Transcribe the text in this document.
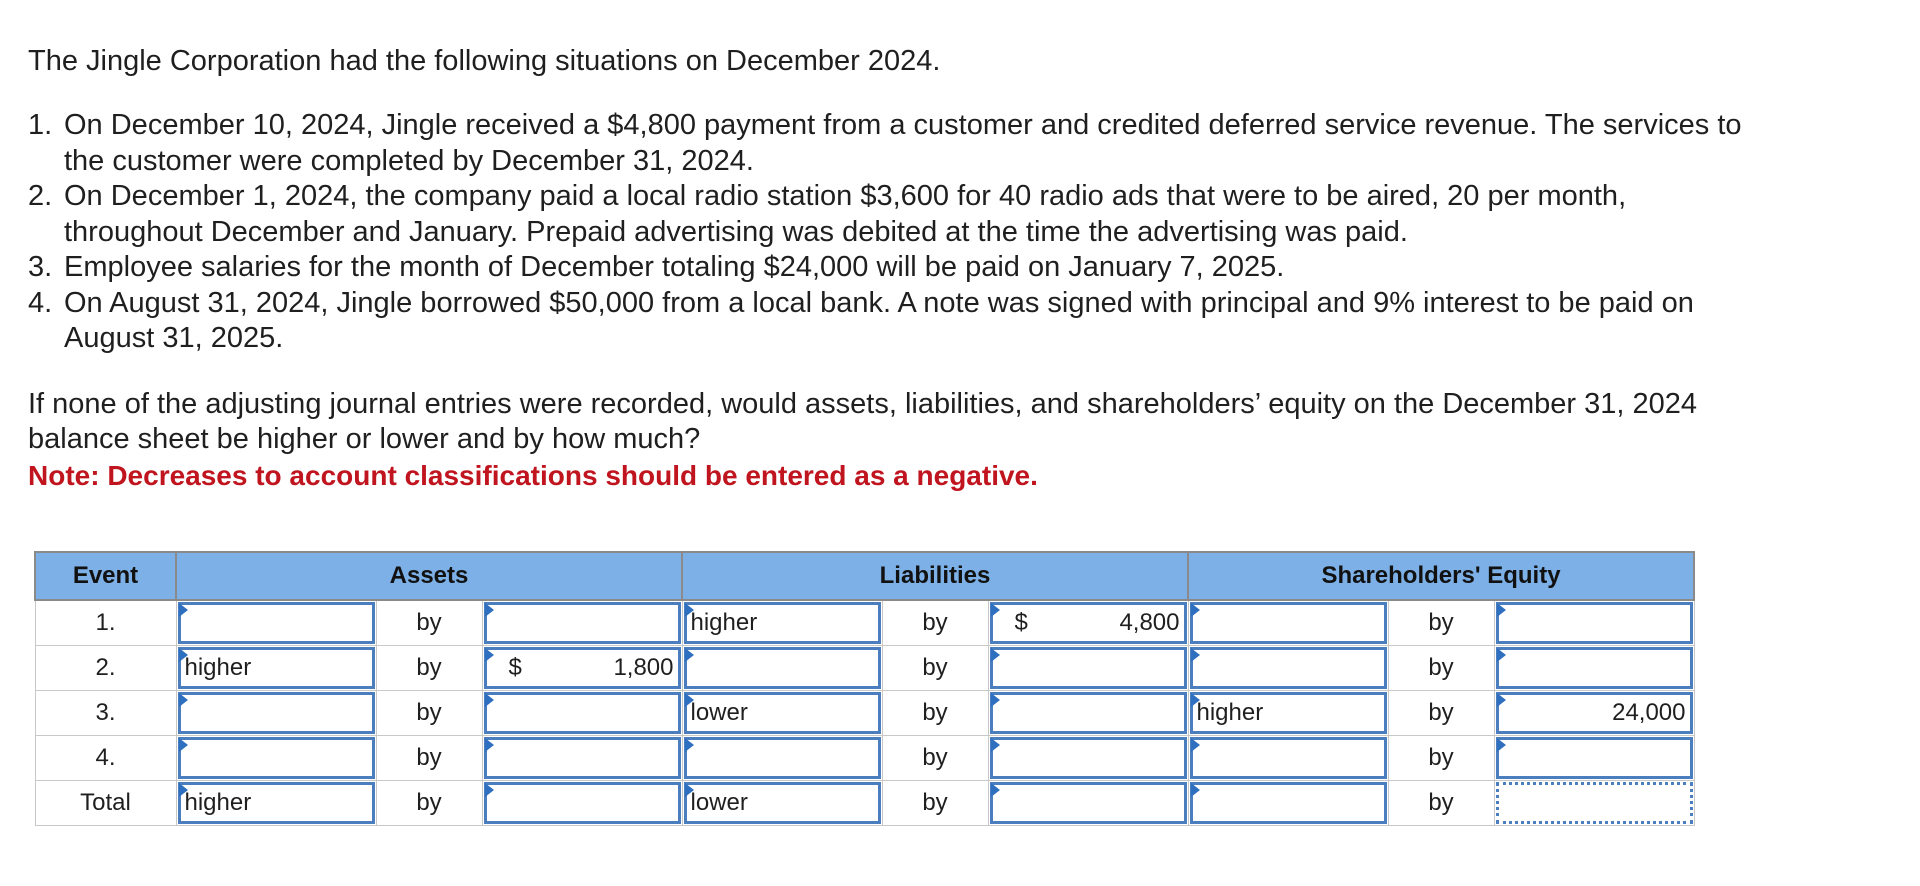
The Jingle Corporation had the following situations on December 2024.

1. On December 10, 2024, Jingle received a $4,800 payment from a customer and credited deferred service revenue. The services to
the customer were completed by December 31, 2024.
2. On December 1, 2024, the company paid a local radio station $3,600 for 40 radio ads that were to be aired, 20 per month,
throughout December and January. Prepaid advertising was debited at the time the advertising was paid.
3. Employee salaries for the month of December totaling $24,000 will be paid on January 7, 2025.
4. On August 31, 2024, Jingle borrowed $50,000 from a local bank. A note was signed with principal and 9% interest to be paid on
August 31, 2025.

If none of the adjusting journal entries were recorded, would assets, liabilities, and shareholders’ equity on the December 31, 2024
balance sheet be higher or lower and by how much?

Note: Decreases to account classifications should be entered as a negative.

Event	Assets			Liabilities			Shareholders' Equity		
1.		by		higher	by	$ 4,800		by	

2.	higher	by	$ 1,800		by			by	

3.		by		lower	by		higher	by	24,000

4.		by			by			by	

Total	higher	by		lower	by			by	
